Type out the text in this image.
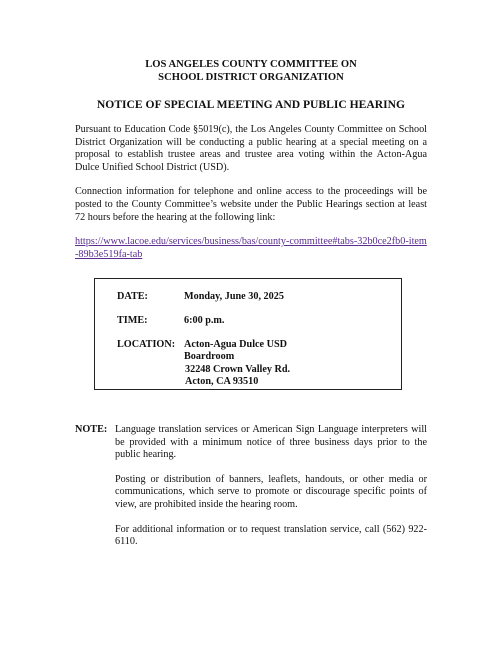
LOS ANGELES COUNTY COMMITTEE ON

SCHOOL DISTRICT ORGANIZATION

NOTICE OF SPECIAL MEETING AND PUBLIC HEARING

Pursuant to Education Code §5019(c), the Los Angeles County Committee on School District Organization will be conducting a public hearing at a special meeting on a proposal to establish trustee areas and trustee area voting within the Acton-Agua Dulce Unified School District (USD).

Connection information for telephone and online access to the proceedings will be posted to the County Committee’s website under the Public Hearings section at least 72 hours before the hearing at the following link:

https://www.lacoe.edu/services/business/bas/county-committee#tabs-32b0ce2fb0-item-89b3e519fa-tab
DATE:	Monday, June 30, 2025
TIME:	6:00 p.m.
LOCATION: Acton-Agua Dulce USD
Boardroom
32248 Crown Valley Rd.
Acton, CA 93510
NOTE: Language translation services or American Sign Language interpreters will be provided with a minimum notice of three business days prior to the public hearing.

Posting or distribution of banners, leaflets, handouts, or other media or communications, which serve to promote or discourage specific points of view, are prohibited inside the hearing room.

For additional information or to request translation service, call (562) 922-6110.
